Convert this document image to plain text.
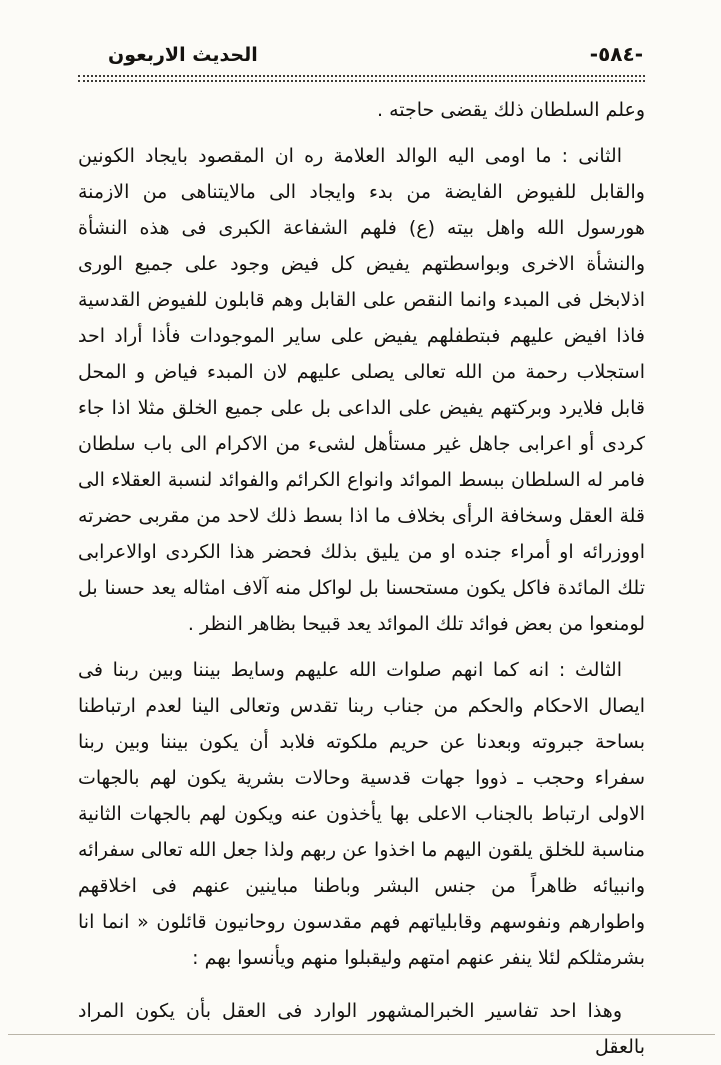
الحديث الاربعون	-٥٨٤-

وعلم السلطان ذلك يقضى حاجته .

الثانى : ما اومى اليه الوالد العلامة ره ان المقصود بايجاد الكونين والقابل للفيوض الفايضة من بدء وايجاد الى مالايتناهى من الازمنة هورسول الله واهل بيته (ع) فلهم الشفاعة الكبرى فى هذه النشأة والنشأة الاخرى وبواسطتهم يفيض كل فيض وجود على جميع الورى اذلابخل فى المبدء وانما النقص على القابل وهم قابلون للفيوض القدسية فاذا افيض عليهم فبتطفلهم يفيض على ساير الموجودات فأذا أراد احد استجلاب رحمة من الله تعالى يصلى عليهم لان المبدء فياض و المحل قابل فلايرد وبركتهم يفيض على الداعى بل على جميع الخلق مثلا اذا جاء كردى أو اعرابى جاهل غير مستأهل لشىء من الاكرام الى باب سلطان فامر له السلطان ببسط الموائد وانواع الكرائم والفوائد لنسبة العقلاء الى قلة العقل وسخافة الرأى بخلاف ما اذا بسط ذلك لاحد من مقربى حضرته اووزرائه او أمراء جنده او من يليق بذلك فحضر هذا الكردى اوالاعرابى تلك المائدة فاكل يكون مستحسنا بل لواكل منه آلاف امثاله يعد حسنا بل لومنعوا من بعض فوائد تلك الموائد يعد قبيحا بظاهر النظر .

الثالث : انه كما انهم صلوات الله عليهم وسايط بيننا وبين ربنا فى ايصال الاحكام والحكم من جناب ربنا تقدس وتعالى الينا لعدم ارتباطنا بساحة جبروته وبعدنا عن حريم ملكوته فلابد أن يكون بيننا وبين ربنا سفراء وحجب ـ ذووا جهات قدسية وحالات بشرية يكون لهم بالجهات الاولى ارتباط بالجناب الاعلى بها يأخذون عنه ويكون لهم بالجهات الثانية مناسبة للخلق يلقون اليهم ما اخذوا عن ربهم ولذا جعل الله تعالى سفرائه وانبيائه ظاهراً من جنس البشر وباطنا مباينين عنهم فى اخلاقهم واطوارهم ونفوسهم وقابلياتهم فهم مقدسون روحانيون قائلون « انما انا بشرمثلكم لئلا ينفر عنهم امتهم وليقبلوا منهم ويأنسوا بهم :

وهذا احد تفاسير الخبرالمشهور الوارد فى العقل بأن يكون المراد بالعقل
